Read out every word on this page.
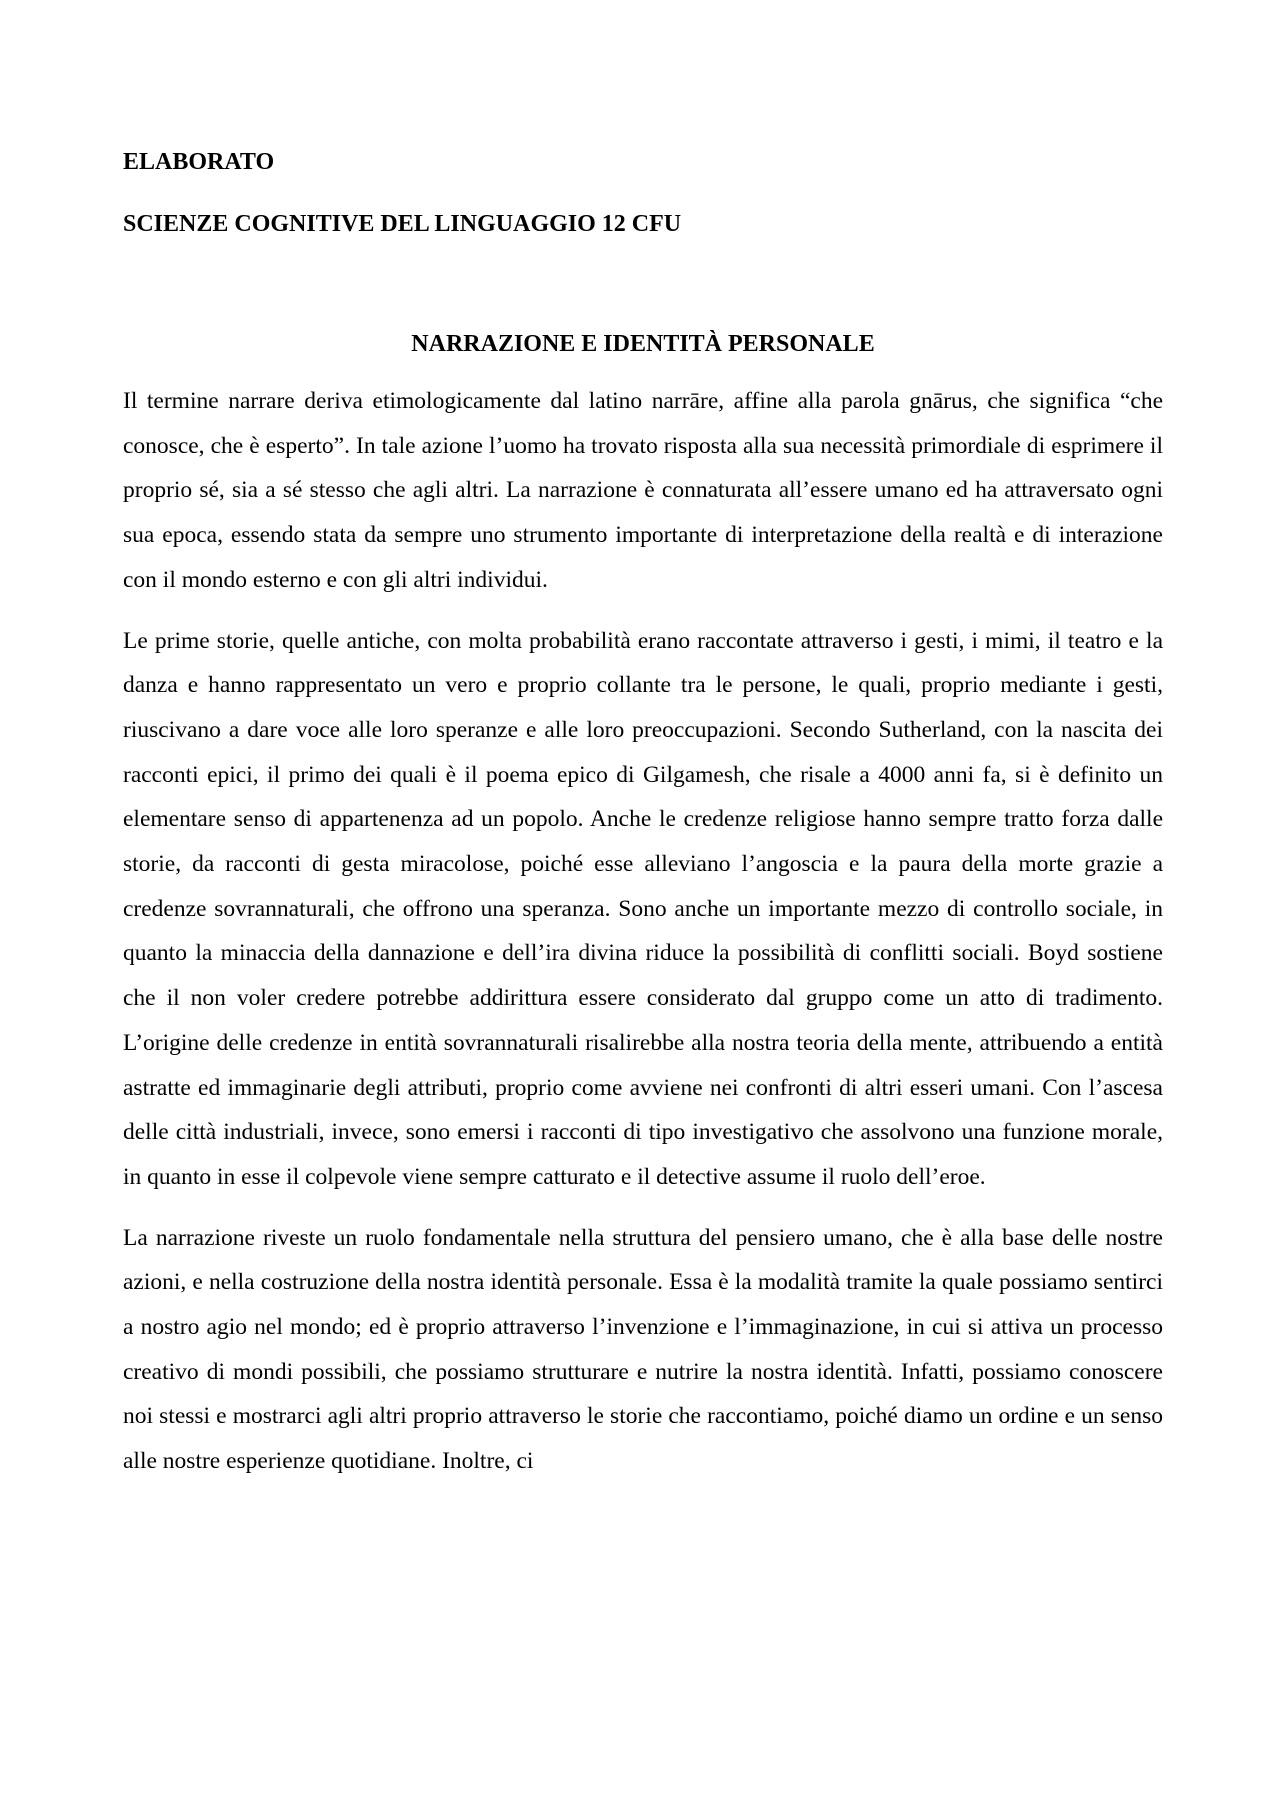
ELABORATO

SCIENZE COGNITIVE DEL LINGUAGGIO 12 CFU

NARRAZIONE E IDENTITÀ PERSONALE

Il termine narrare deriva etimologicamente dal latino narrāre, affine alla parola gnārus, che significa “che conosce, che è esperto”. In tale azione l’uomo ha trovato risposta alla sua necessità primordiale di esprimere il proprio sé, sia a sé stesso che agli altri. La narrazione è connaturata all’essere umano ed ha attraversato ogni sua epoca, essendo stata da sempre uno strumento importante di interpretazione della realtà e di interazione con il mondo esterno e con gli altri individui.

Le prime storie, quelle antiche, con molta probabilità erano raccontate attraverso i gesti, i mimi, il teatro e la danza e hanno rappresentato un vero e proprio collante tra le persone, le quali, proprio mediante i gesti, riuscivano a dare voce alle loro speranze e alle loro preoccupazioni. Secondo Sutherland, con la nascita dei racconti epici, il primo dei quali è il poema epico di Gilgamesh, che risale a 4000 anni fa, si è definito un elementare senso di appartenenza ad un popolo. Anche le credenze religiose hanno sempre tratto forza dalle storie, da racconti di gesta miracolose, poiché esse alleviano l’angoscia e la paura della morte grazie a credenze sovrannaturali, che offrono una speranza. Sono anche un importante mezzo di controllo sociale, in quanto la minaccia della dannazione e dell’ira divina riduce la possibilità di conflitti sociali. Boyd sostiene che il non voler credere potrebbe addirittura essere considerato dal gruppo come un atto di tradimento. L’origine delle credenze in entità sovrannaturali risalirebbe alla nostra teoria della mente, attribuendo a entità astratte ed immaginarie degli attributi, proprio come avviene nei confronti di altri esseri umani. Con l’ascesa delle città industriali, invece, sono emersi i racconti di tipo investigativo che assolvono una funzione morale, in quanto in esse il colpevole viene sempre catturato e il detective assume il ruolo dell’eroe.

La narrazione riveste un ruolo fondamentale nella struttura del pensiero umano, che è alla base delle nostre azioni, e nella costruzione della nostra identità personale. Essa è la modalità tramite la quale possiamo sentirci a nostro agio nel mondo; ed è proprio attraverso l’invenzione e l’immaginazione, in cui si attiva un processo creativo di mondi possibili, che possiamo strutturare e nutrire la nostra identità. Infatti, possiamo conoscere noi stessi e mostrarci agli altri proprio attraverso le storie che raccontiamo, poiché diamo un ordine e un senso alle nostre esperienze quotidiane. Inoltre, ci
